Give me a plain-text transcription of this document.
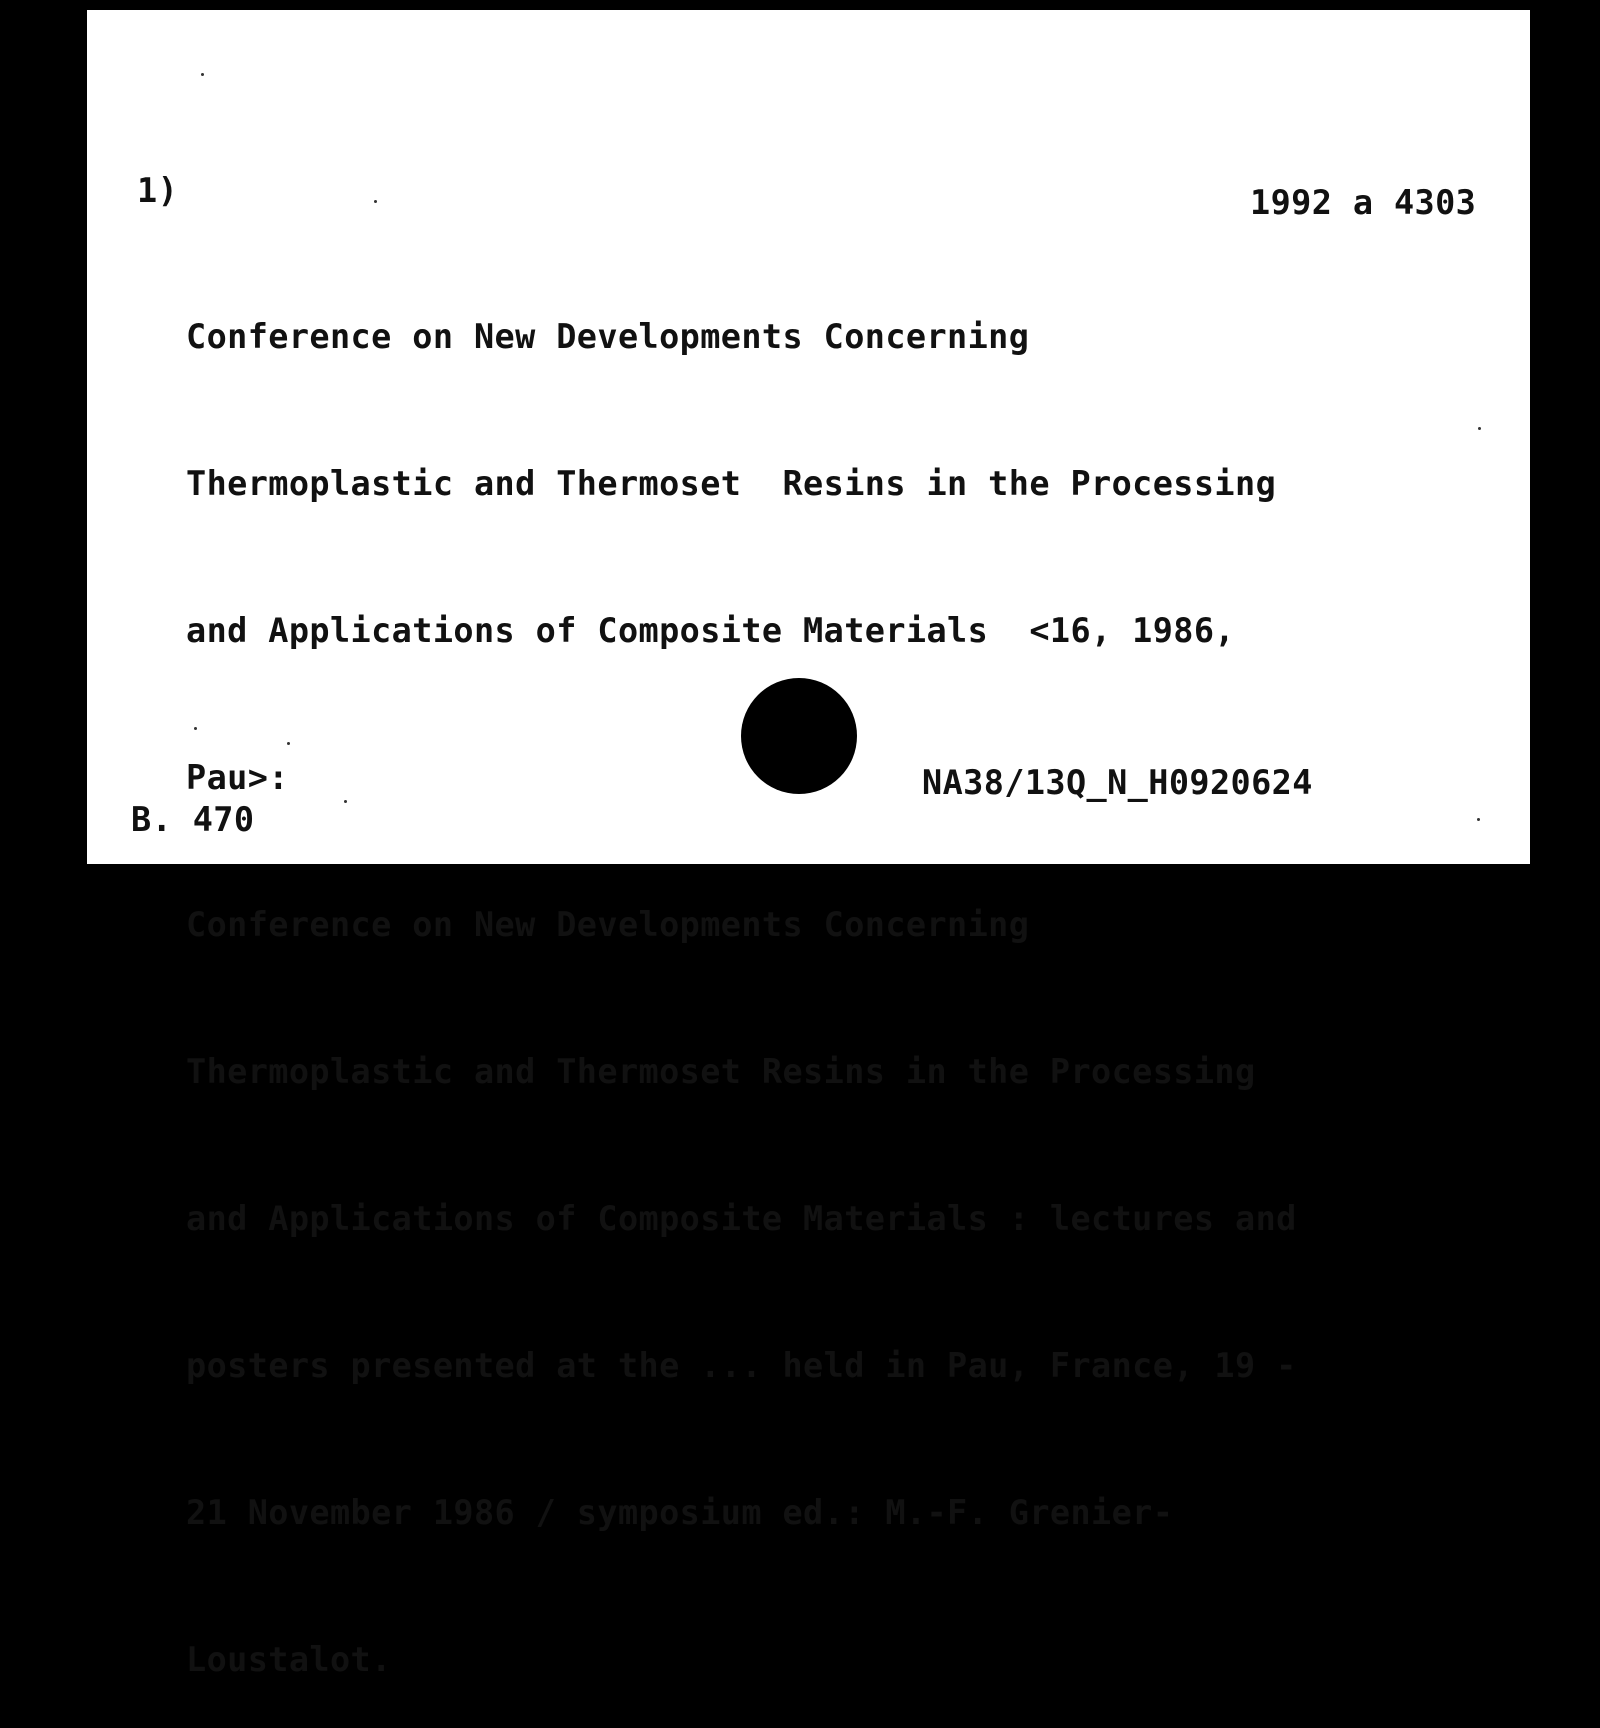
1)	1992 a 4303

Conference on New Developments Concerning

Thermoplastic and Thermoset  Resins in the Processing

and Applications of Composite Materials  <16, 1986,

Pau>:

Conference on New Developments Concerning

Thermoplastic and Thermoset Resins in the Processing

and Applications of Composite Materials : lectures and

posters presented at the ... held in Pau, France, 19 -

21 November 1986 / symposium ed.: M.-F. Grenier-

Loustalot.

NA38/13Q_N_H0920624
B. 470
